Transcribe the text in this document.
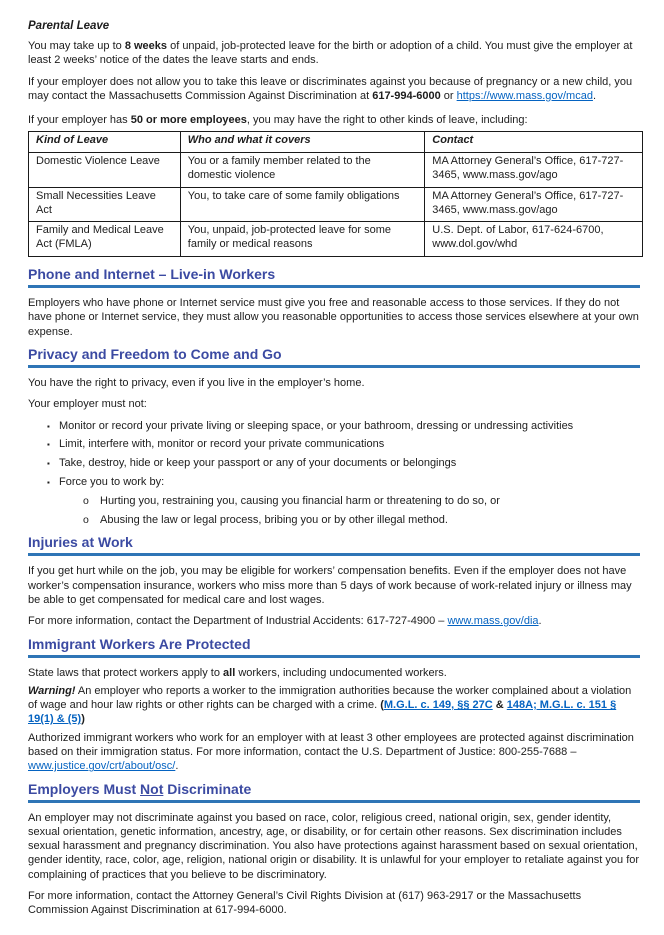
Parental Leave

You may take up to 8 weeks of unpaid, job-protected leave for the birth or adoption of a child. You must give the employer at least 2 weeks’ notice of the dates the leave starts and ends.

If your employer does not allow you to take this leave or discriminates against you because of pregnancy or a new child, you may contact the Massachusetts Commission Against Discrimination at 617-994-6000 or https://www.mass.gov/mcad.

If your employer has 50 or more employees, you may have the right to other kinds of leave, including:

Kind of Leave	Who and what it covers	Contact
Domestic Violence Leave	You or a family member related to the domestic violence	MA Attorney General’s Office, 617-727-3465, www.mass.gov/ago
Small Necessities Leave Act	You, to take care of some family obligations	MA Attorney General’s Office, 617-727-3465, www.mass.gov/ago
Family and Medical Leave Act (FMLA)	You, unpaid, job-protected leave for some family or medical reasons	U.S. Dept. of Labor, 617-624-6700, www.dol.gov/whd
Phone and Internet – Live-in Workers

Employers who have phone or Internet service must give you free and reasonable access to those services. If they do not have phone or Internet service, they must allow you reasonable opportunities to access those services elsewhere at your own expense.

Privacy and Freedom to Come and Go

You have the right to privacy, even if you live in the employer’s home.

Your employer must not:

▪ Monitor or record your private living or sleeping space, or your bathroom, dressing or undressing activities
▪ Limit, interfere with, monitor or record your private communications
▪ Take, destroy, hide or keep your passport or any of your documents or belongings
▪ Force you to work by:
o Hurting you, restraining you, causing you financial harm or threatening to do so, or
o Abusing the law or legal process, bribing you or by other illegal method.
Injuries at Work

If you get hurt while on the job, you may be eligible for workers’ compensation benefits. Even if the employer does not have worker’s compensation insurance, workers who miss more than 5 days of work because of work-related injury or illness may be able to get compensated for medical care and lost wages.

For more information, contact the Department of Industrial Accidents: 617-727-4900 – www.mass.gov/dia.

Immigrant Workers Are Protected

State laws that protect workers apply to all workers, including undocumented workers.

Warning! An employer who reports a worker to the immigration authorities because the worker complained about a violation of wage and hour law rights or other rights can be charged with a crime. (M.G.L. c. 149, §§ 27C & 148A; M.G.L. c. 151 § 19(1) & (5))

Authorized immigrant workers who work for an employer with at least 3 other employees are protected against discrimination based on their immigration status. For more information, contact the U.S. Department of Justice: 800-255-7688 – www.justice.gov/crt/about/osc/.

Employers Must Not Discriminate

An employer may not discriminate against you based on race, color, religious creed, national origin, sex, gender identity, sexual orientation, genetic information, ancestry, age, or disability, or for certain other reasons. Sex discrimination includes sexual harassment and pregnancy discrimination. You also have protections against harassment based on sexual orientation, gender identity, race, color, age, religion, national origin or disability. It is unlawful for your employer to retaliate against you for complaining of practices that you believe to be discriminatory.

For more information, contact the Attorney General’s Civil Rights Division at (617) 963-2917 or the Massachusetts Commission Against Discrimination at 617-994-6000.
